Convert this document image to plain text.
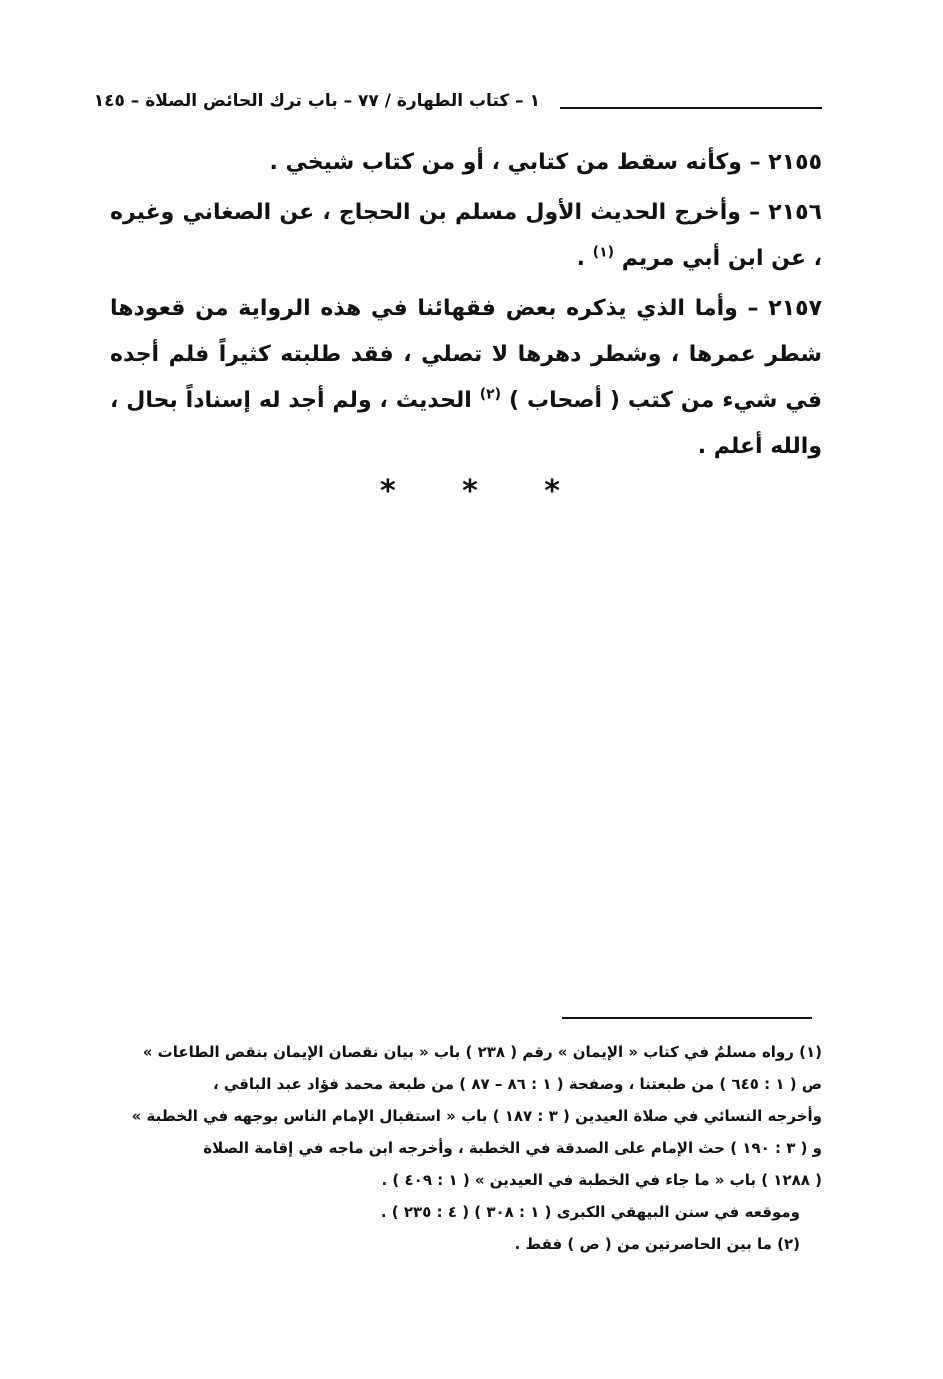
١ – كتاب الطهارة / ٧٧ – باب ترك الحائض الصلاة – ١٤٥

٢١٥٥ – وكأنه سقط من كتابي ، أو من كتاب شيخي .

٢١٥٦ – وأخرج الحديث الأول مسلم بن الحجاج ، عن الصغاني وغيره ، عن ابن أبي مريم $^{(١)}$ .

٢١٥٧ – وأما الذي يذكره بعض فقهائنا في هذه الرواية من قعودها شطر عمرها ، وشطر دهرها لا تصلي ، فقد طلبته كثيراً فلم أجده في شيء من كتب ( أصحاب ) $^{(٢)}$ الحديث ، ولم أجد له إسناداً بحال ، والله أعلم .

* * *
(١) رواه مسلمٌ في كتاب « الإيمان » رقم ( ٢٣٨ ) باب « بيان نقصان الإيمان بنقص الطاعات »
ص ( ١ : ٦٤٥ ) من طبعتنا ، وصفحة ( ١ : ٨٦ – ٨٧ ) من طبعة محمد فؤاد عبد الباقي ،
وأخرجه النسائي في صلاة العيدين ( ٣ : ١٨٧ ) باب « استقبال الإمام الناس بوجهه في الخطبة »
و ( ٣ : ١٩٠ ) حث الإمام على الصدقة في الخطبة ، وأخرجه ابن ماجه في إقامة الصلاة
( ١٢٨٨ ) باب « ما جاء في الخطبة في العيدين » ( ١ : ٤٠٩ ) .
وموقعه في سنن البيهقي الكبرى ( ١ : ٣٠٨ ) ( ٤ : ٢٣٥ ) .
(٢) ما بين الحاصرتين من ( ص ) فقط .
